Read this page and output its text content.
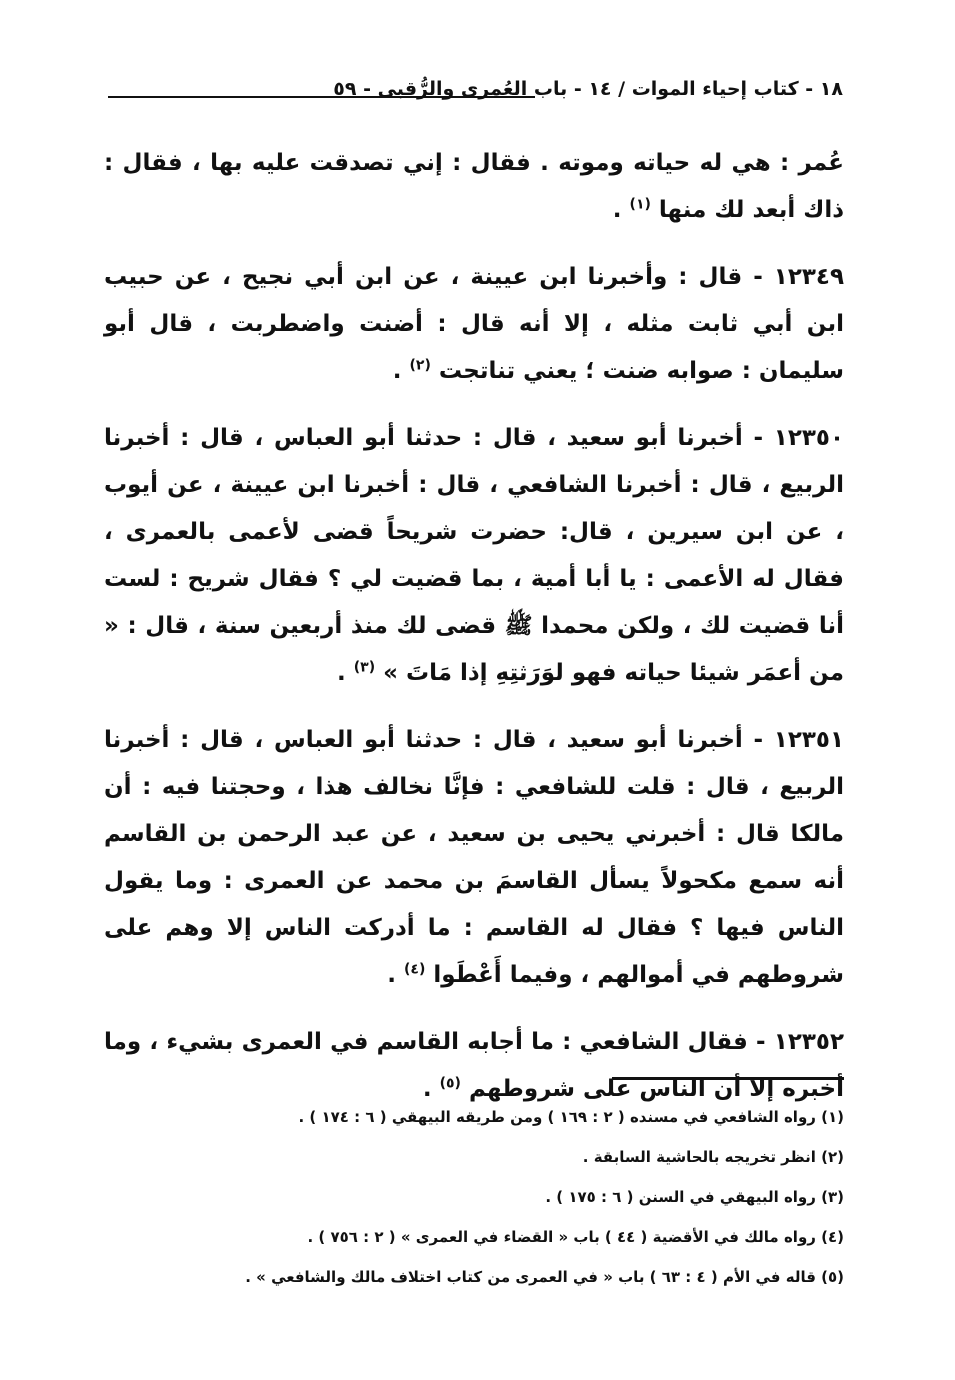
١٨ - كتاب إحياء الموات / ١٤ - باب العُمرى والرُّقبى - ٥٩

عُمر : هي له حياته وموته . فقال : إني تصدقت عليه بها ، فقال : ذاك أبعد لك منها $^{(١)}$ .

١٢٣٤٩ - قال : وأخبرنا ابن عيينة ، عن ابن أبي نجيح ، عن حبيب ابن أبي ثابت مثله ، إلا أنه قال : أضنت واضطربت ، قال أبو سليمان : صوابه ضنت ؛ يعني تناتجت $^{(٢)}$ .

١٢٣٥٠ - أخبرنا أبو سعيد ، قال : حدثنا أبو العباس ، قال : أخبرنا الربيع ، قال : أخبرنا الشافعي ، قال : أخبرنا ابن عيينة ، عن أيوب ، عن ابن سيرين ، قال: حضرت شريحاً قضى لأعمى بالعمرى ، فقال له الأعمى : يا أبا أمية ، بما قضيت لي ؟ فقال شريح : لست أنا قضيت لك ، ولكن محمدا ﷺ قضى لك منذ أربعين سنة ، قال : « من أعمَر شيئا حياته فهو لوَرَثتِهِ إذا مَاتَ » $^{(٣)}$ .

١٢٣٥١ - أخبرنا أبو سعيد ، قال : حدثنا أبو العباس ، قال : أخبرنا الربيع ، قال : قلت للشافعي : فإنَّا نخالف هذا ، وحجتنا فيه : أن مالكا قال : أخبرني يحيى بن سعيد ، عن عبد الرحمن بن القاسم أنه سمع مكحولاً يسأل القاسمَ بن محمد عن العمرى : وما يقول الناس فيها ؟ فقال له القاسم : ما أدركت الناس إلا وهم على شروطهم في أموالهم ، وفيما أَعْطَوا $^{(٤)}$ .

١٢٣٥٢ - فقال الشافعي : ما أجابه القاسم في العمرى بشيء ، وما أخبره إلا أن الناس على شروطهم $^{(٥)}$ .

(١) رواه الشافعي في مسنده ( ٢ : ١٦٩ ) ومن طريقه البيهقي ( ٦ : ١٧٤ ) .

(٢) انظر تخريجه بالحاشية السابقة .

(٣) رواه البيهقي في السنن ( ٦ : ١٧٥ ) .

(٤) رواه مالك في الأقضية ( ٤٤ ) باب « القضاء في العمرى » ( ٢ : ٧٥٦ ) .

(٥) قاله في الأم ( ٤ : ٦٣ ) باب « في العمرى من كتاب اختلاف مالك والشافعي » .
